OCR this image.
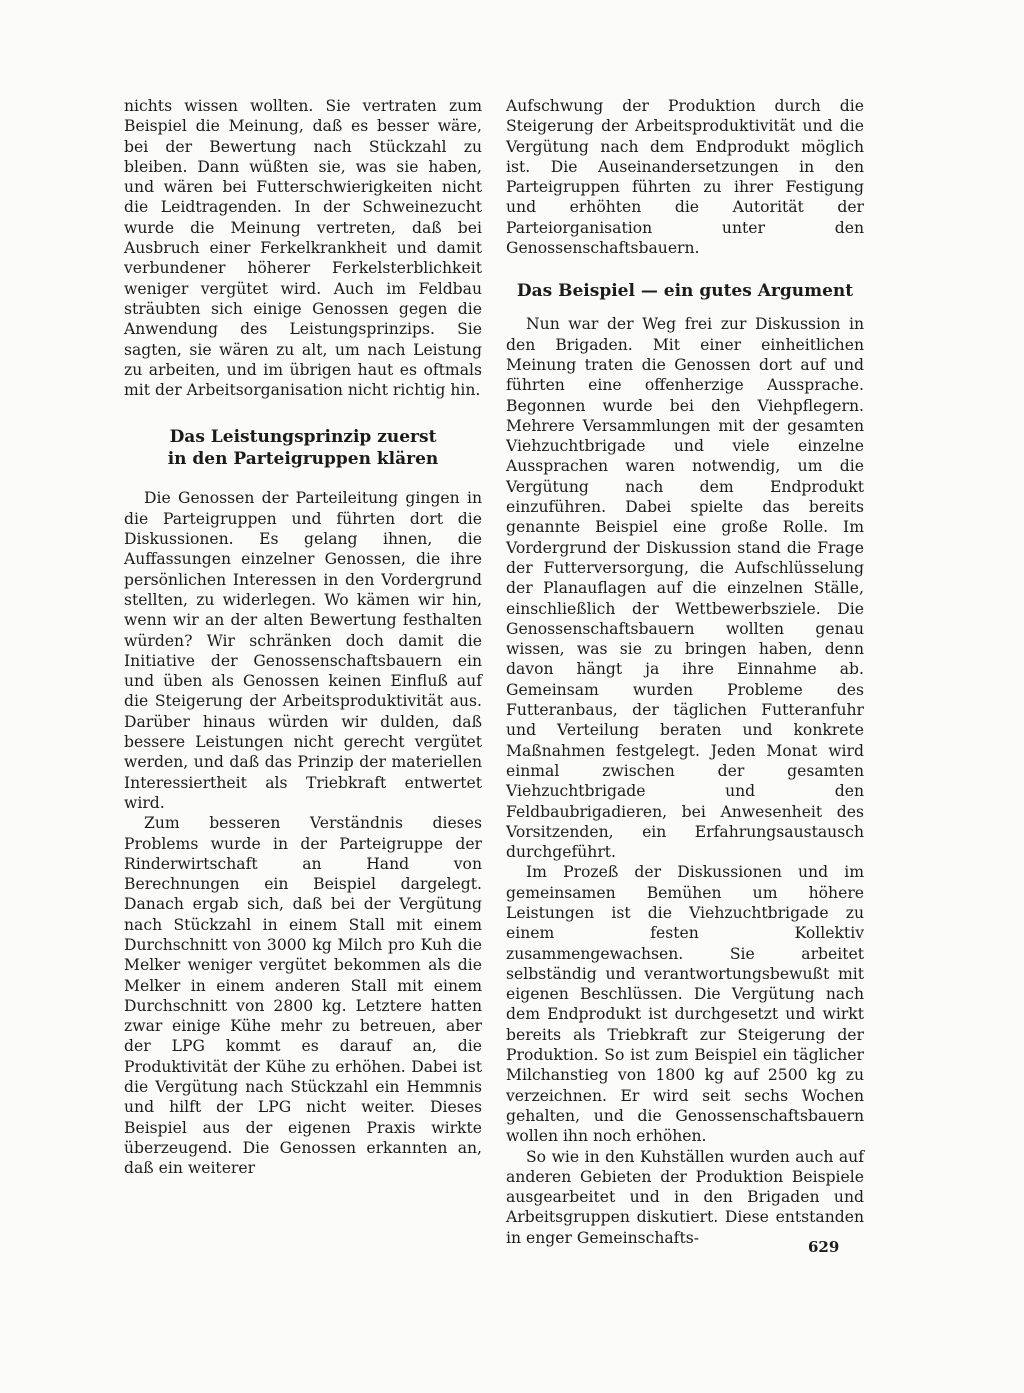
nichts wissen wollten. Sie vertraten zum Beispiel die Meinung, daß es besser wäre, bei der Bewertung nach Stückzahl zu bleiben. Dann wüßten sie, was sie haben, und wären bei Futterschwierigkeiten nicht die Leidtragenden. In der Schweinezucht wurde die Meinung vertreten, daß bei Ausbruch einer Ferkelkrankheit und damit verbundener höherer Ferkelsterblichkeit weniger vergütet wird. Auch im Feldbau sträubten sich einige Genossen gegen die Anwendung des Leistungsprinzips. Sie sagten, sie wären zu alt, um nach Leistung zu arbeiten, und im übrigen haut es oftmals mit der Arbeitsorganisation nicht richtig hin.

Das Leistungsprinzip zuerst
in den Parteigruppen klären

Die Genossen der Parteileitung gingen in die Parteigruppen und führten dort die Diskussionen. Es gelang ihnen, die Auffassungen einzelner Genossen, die ihre persönlichen Interessen in den Vordergrund stellten, zu widerlegen. Wo kämen wir hin, wenn wir an der alten Bewertung festhalten würden? Wir schränken doch damit die Initiative der Genossenschaftsbauern ein und üben als Genossen keinen Einfluß auf die Steigerung der Arbeitsproduktivität aus. Darüber hinaus würden wir dulden, daß bessere Leistungen nicht gerecht vergütet werden, und daß das Prinzip der materiellen Interessiertheit als Triebkraft entwertet wird.

Zum besseren Verständnis dieses Problems wurde in der Parteigruppe der Rinderwirtschaft an Hand von Berechnungen ein Beispiel dargelegt. Danach ergab sich, daß bei der Vergütung nach Stückzahl in einem Stall mit einem Durchschnitt von 3000 kg Milch pro Kuh die Melker weniger vergütet bekommen als die Melker in einem anderen Stall mit einem Durchschnitt von 2800 kg. Letztere hatten zwar einige Kühe mehr zu betreuen, aber der LPG kommt es darauf an, die Produktivität der Kühe zu erhöhen. Dabei ist die Vergütung nach Stückzahl ein Hemmnis und hilft der LPG nicht weiter. Dieses Beispiel aus der eigenen Praxis wirkte überzeugend. Die Genossen erkannten an, daß ein weiterer

Aufschwung der Produktion durch die Steigerung der Arbeitsproduktivität und die Vergütung nach dem Endprodukt möglich ist. Die Auseinandersetzungen in den Parteigruppen führten zu ihrer Festigung und erhöhten die Autorität der Parteiorganisation unter den Genossenschaftsbauern.

Das Beispiel — ein gutes Argument

Nun war der Weg frei zur Diskussion in den Brigaden. Mit einer einheitlichen Meinung traten die Genossen dort auf und führten eine offenherzige Aussprache. Begonnen wurde bei den Viehpflegern. Mehrere Versammlungen mit der gesamten Viehzuchtbrigade und viele einzelne Aussprachen waren notwendig, um die Vergütung nach dem Endprodukt einzuführen. Dabei spielte das bereits genannte Beispiel eine große Rolle. Im Vordergrund der Diskussion stand die Frage der Futterversorgung, die Aufschlüsselung der Planauflagen auf die einzelnen Ställe, einschließlich der Wettbewerbsziele. Die Genossenschaftsbauern wollten genau wissen, was sie zu bringen haben, denn davon hängt ja ihre Einnahme ab. Gemeinsam wurden Probleme des Futteranbaus, der täglichen Futteranfuhr und Verteilung beraten und konkrete Maßnahmen festgelegt. Jeden Monat wird einmal zwischen der gesamten Viehzuchtbrigade und den Feldbaubrigadieren, bei Anwesenheit des Vorsitzenden, ein Erfahrungsaustausch durchgeführt.

Im Prozeß der Diskussionen und im gemeinsamen Bemühen um höhere Leistungen ist die Viehzuchtbrigade zu einem festen Kollektiv zusammengewachsen. Sie arbeitet selbständig und verantwortungsbewußt mit eigenen Beschlüssen. Die Vergütung nach dem Endprodukt ist durchgesetzt und wirkt bereits als Triebkraft zur Steigerung der Produktion. So ist zum Beispiel ein täglicher Milchanstieg von 1800 kg auf 2500 kg zu verzeichnen. Er wird seit sechs Wochen gehalten, und die Genossenschaftsbauern wollen ihn noch erhöhen.

So wie in den Kuhställen wurden auch auf anderen Gebieten der Produktion Beispiele ausgearbeitet und in den Brigaden und Arbeitsgruppen diskutiert. Diese entstanden in enger Gemeinschafts-

629
